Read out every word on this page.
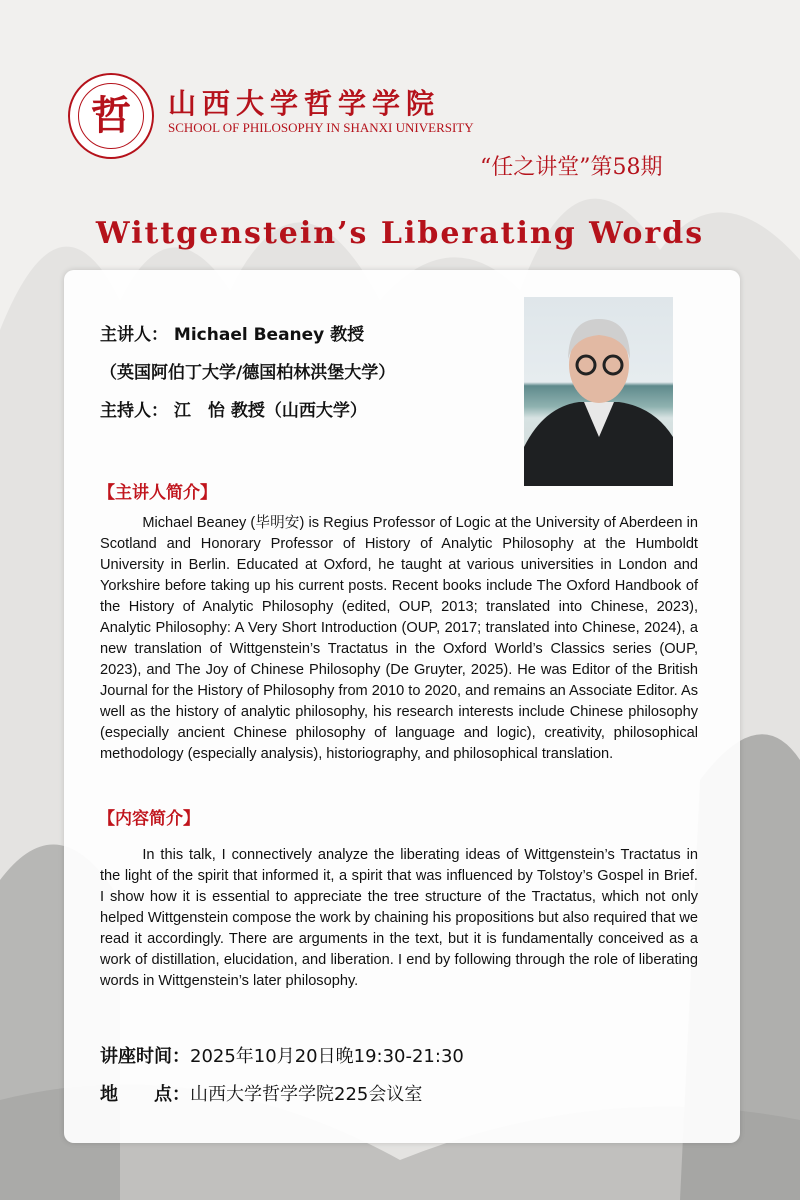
哲	山西大学哲学学院
SCHOOL OF PHILOSOPHY IN SHANXI UNIVERSITY
“任之讲堂”第58期
Wittgenstein’s Liberating Words
主讲人： Michael Beaney 教授
（英国阿伯丁大学/德国柏林洪堡大学）
主持人： 江　怡 教授（山西大学）
【主讲人简介】
Michael Beaney (毕明安) is Regius Professor of Logic at the University of Aberdeen in Scotland and Honorary Professor of History of Analytic Philosophy at the Humboldt University in Berlin. Educated at Oxford, he taught at various universities in London and Yorkshire before taking up his current posts. Recent books include The Oxford Handbook of the History of Analytic Philosophy (edited, OUP, 2013; translated into Chinese, 2023), Analytic Philosophy: A Very Short Introduction (OUP, 2017; translated into Chinese, 2024), a new translation of Wittgenstein’s Tractatus in the Oxford World’s Classics series (OUP, 2023), and The Joy of Chinese Philosophy (De Gruyter, 2025). He was Editor of the British Journal for the History of Philosophy from 2010 to 2020, and remains an Associate Editor. As well as the history of analytic philosophy, his research interests include Chinese philosophy (especially ancient Chinese philosophy of language and logic), creativity, philosophical methodology (especially analysis), historiography, and philosophical translation.
【内容简介】
In this talk, I connectively analyze the liberating ideas of Wittgenstein’s Tractatus in the light of the spirit that informed it, a spirit that was influenced by Tolstoy’s Gospel in Brief. I show how it is essential to appreciate the tree structure of the Tractatus, which not only helped Wittgenstein compose the work by chaining his propositions but also required that we read it accordingly. There are arguments in the text, but it is fundamentally conceived as a work of distillation, elucidation, and liberation. I end by following through the role of liberating words in Wittgenstein’s later philosophy.
讲座时间：2025年10月20日晚19:30-21:30
地　　点：山西大学哲学学院225会议室
